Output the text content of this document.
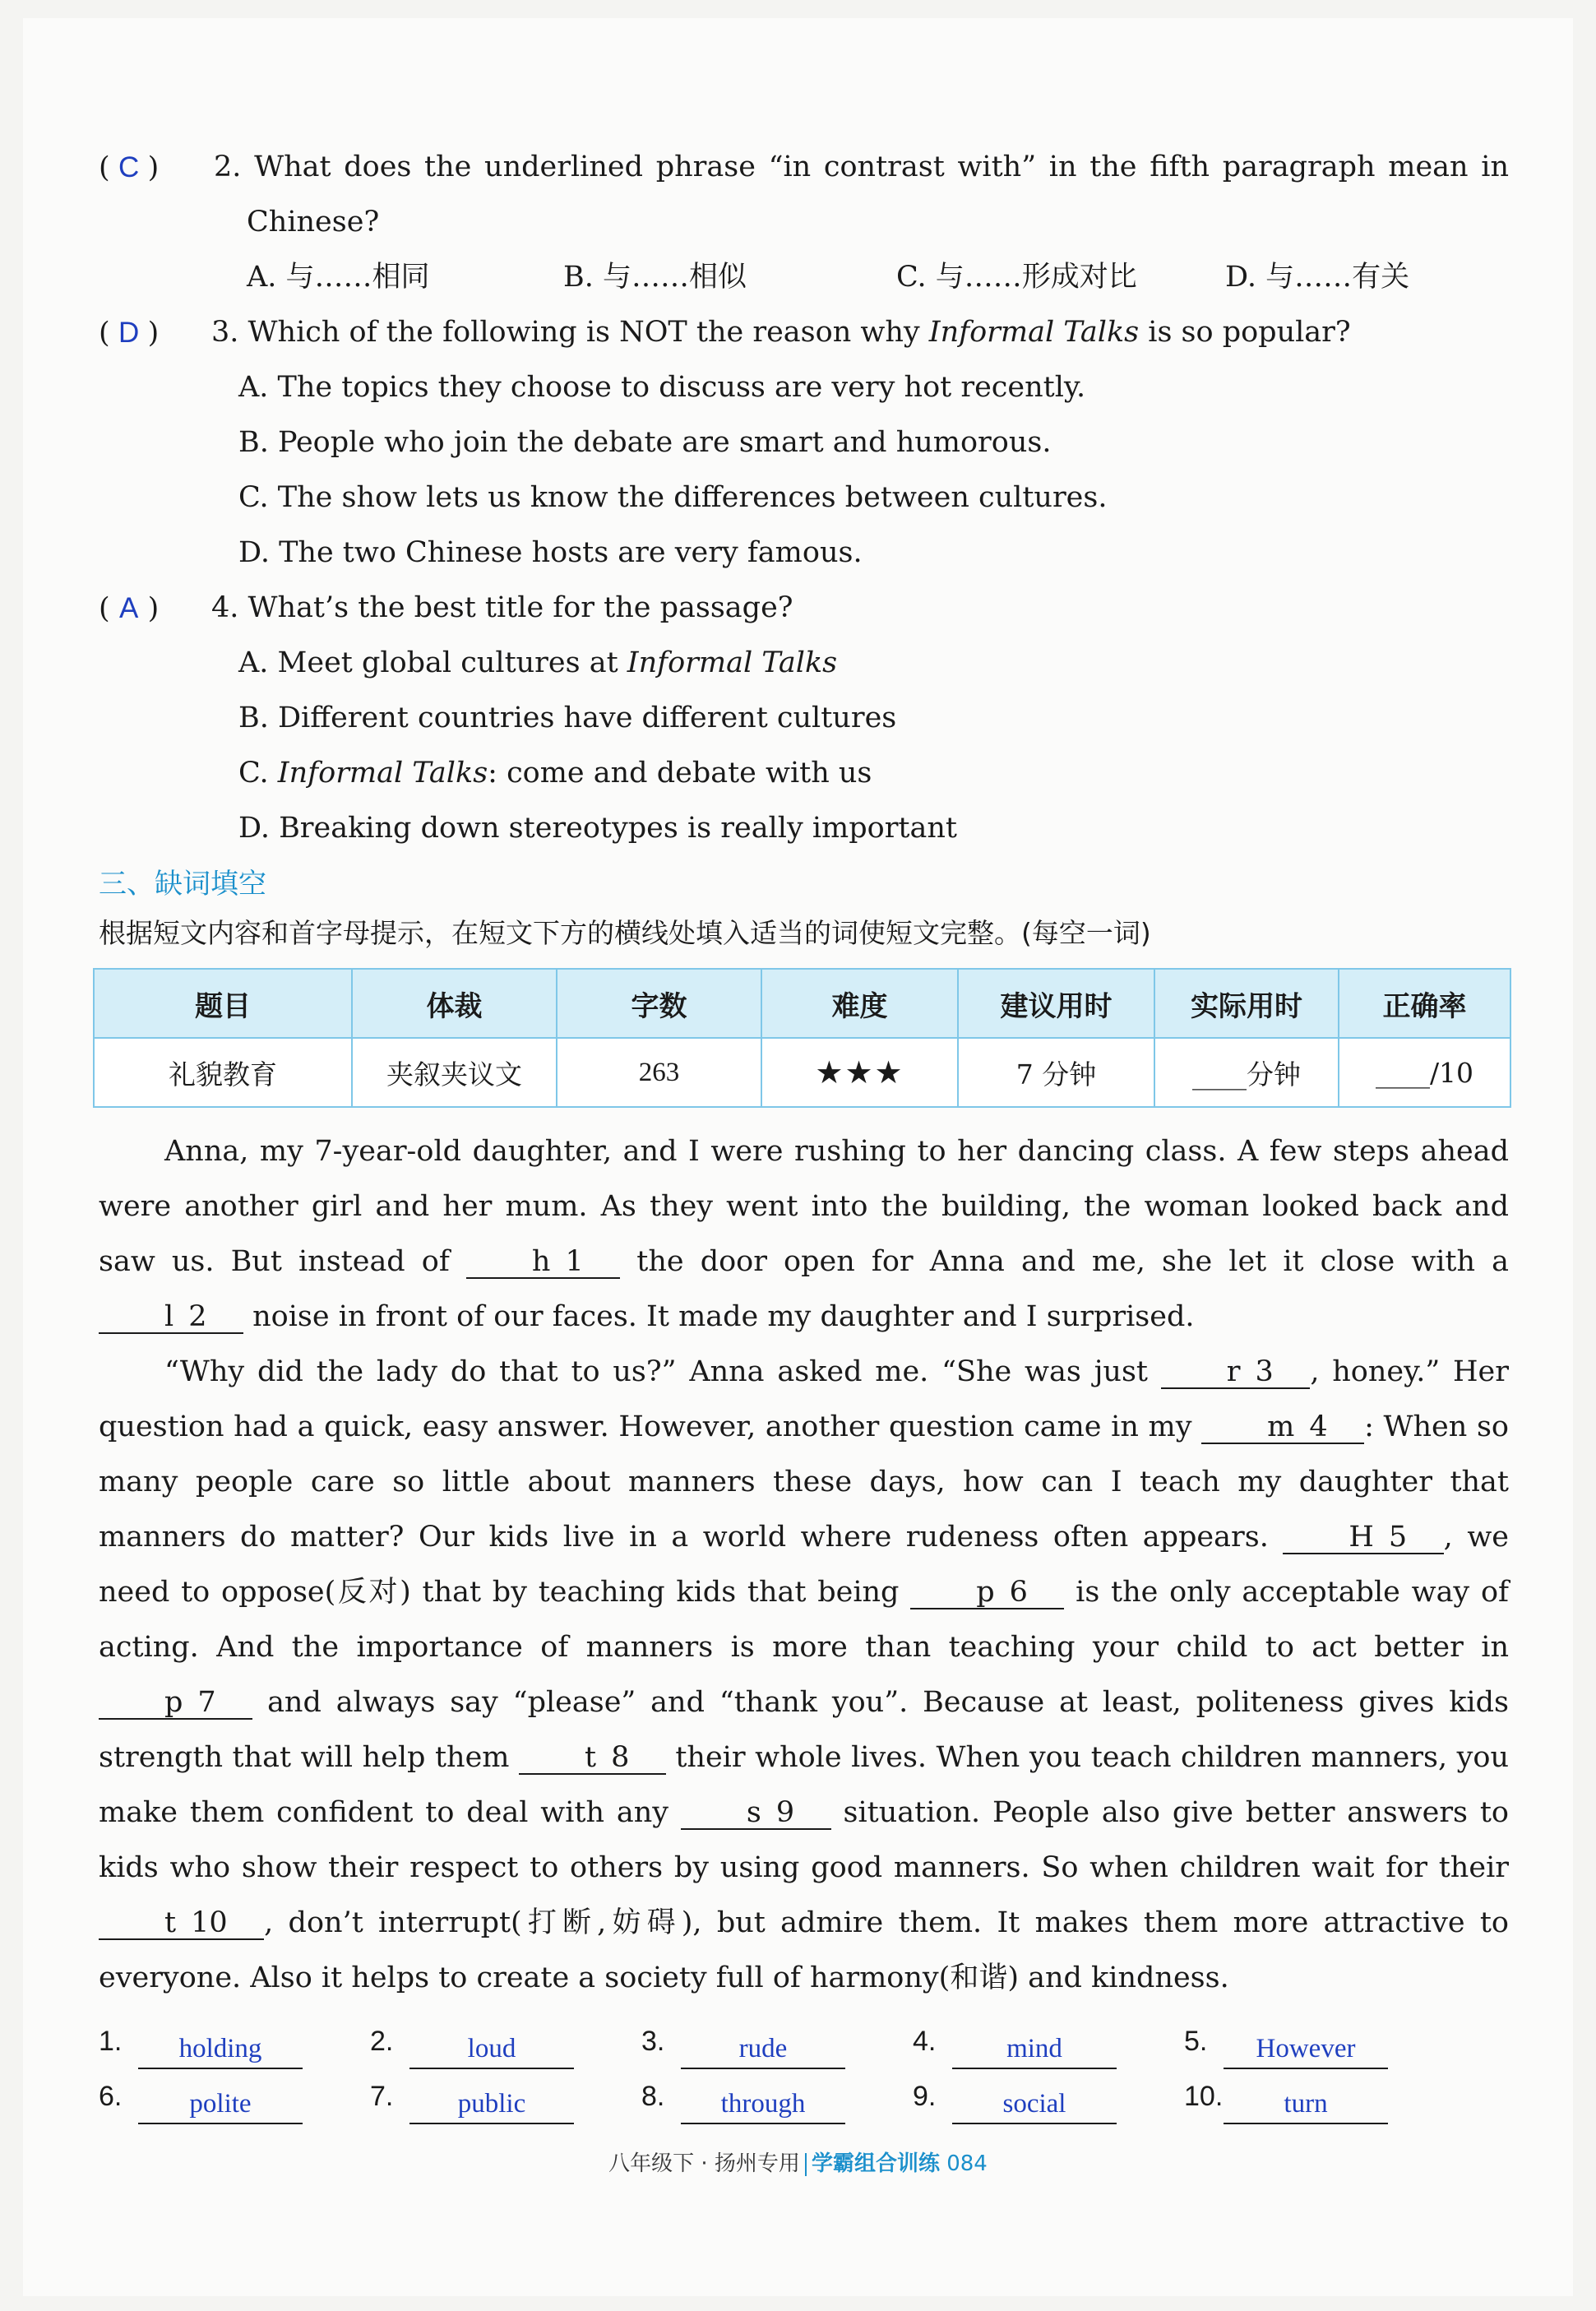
( C )	2. What does the underlined phrase “in contrast with” in the fifth paragraph mean in
Chinese?
A. 与……相同	B. 与……相似	C. 与……形成对比	D. 与……有关
( D )	3. Which of the following is NOT the reason why Informal Talks is so popular?
A. The topics they choose to discuss are very hot recently.
B. People who join the debate are smart and humorous.
C. The show lets us know the differences between cultures.
D. The two Chinese hosts are very famous.
( A )	4. What’s the best title for the passage?
A. Meet global cultures at Informal Talks
B. Different countries have different cultures
C. Informal Talks: come and debate with us
D. Breaking down stereotypes is really important
三、缺词填空
根据短文内容和首字母提示，在短文下方的横线处填入适当的词使短文完整。(每空一词)
题目	体裁	字数	难度	建议用时	实际用时	正确率
礼貌教育	夹叙夹议文	263	★★★	7 分钟	____分钟	____/10

Anna, my 7-year-old daughter, and I were rushing to her dancing class. A few steps ahead were another girl and her mum. As they went into the building, the woman looked back and saw us. But instead of h 1     the door open for Anna and me, she let it close with a l 2     noise in front of our faces. It made my daughter and I surprised.

“Why did the lady do that to us?” Anna asked me. “She was just r 3 , honey.” Her question had a quick, easy answer. However, another question came in my m 4 : When so many people care so little about manners these days, how can I teach my daughter that manners do matter? Our kids live in a world where rudeness often appears. H 5 , we need to oppose(反对) that by teaching kids that being p 6     is the only acceptable way of acting. And the importance of manners is more than teaching your child to act better in p 7     and always say “please” and “thank you”. Because at least, politeness gives kids strength that will help them t 8     their whole lives. When you teach children manners, you make them confident to deal with any s 9     situation. People also give better answers to kids who show their respect to others by using good manners. So when children wait for their t 10 , don’t interrupt(打断,妨碍), but admire them. It makes them more attractive to everyone. Also it helps to create a society full of harmony(和谐) and kindness.

1.	holding	2.	loud	3.	rude	4.	mind	5.	However
6.	polite	7.	public	8.	through	9.	social	10.	turn
八年级下 · 扬州专用 学霸组合训练 084
